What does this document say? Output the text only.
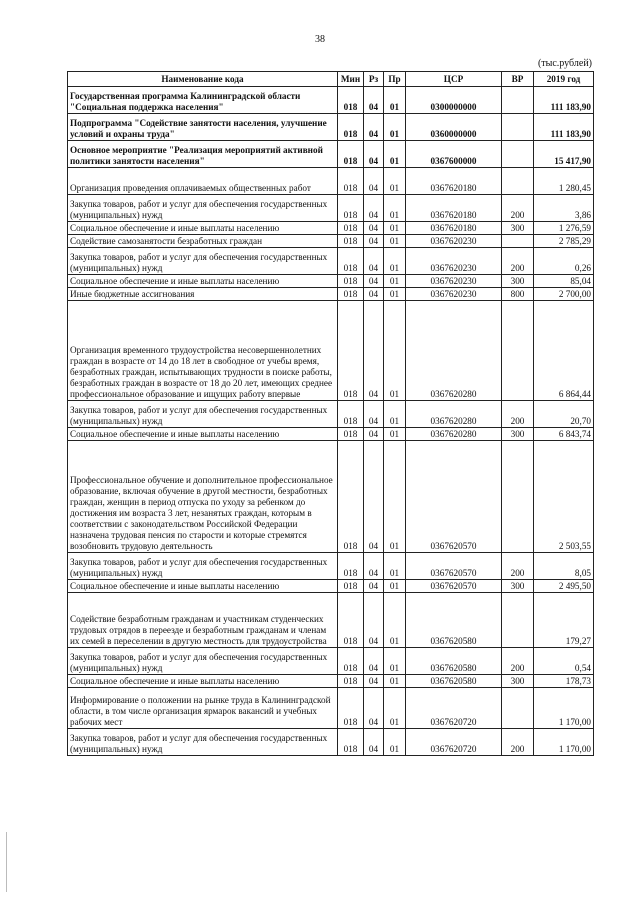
38
(тыс.рублей)
Наименование кода	Мин	Рз	Пр	ЦСР	ВР	2019 год
Государственная программа Калининградской области "Социальная поддержка населения"	018	04	01	0300000000		111 183,90
Подпрограмма "Содействие занятости населения, улучшение условий и охраны труда"	018	04	01	0360000000		111 183,90
Основное мероприятие "Реализация мероприятий активной политики занятости населения"	018	04	01	0367600000		15 417,90
Организация проведения оплачиваемых общественных работ	018	04	01	0367620180		1 280,45
Закупка товаров, работ и услуг для обеспечения государственных (муниципальных) нужд	018	04	01	0367620180	200	3,86
Социальное обеспечение и иные выплаты населению	018	04	01	0367620180	300	1 276,59
Содействие самозанятости безработных граждан	018	04	01	0367620230		2 785,29
Закупка товаров, работ и услуг для обеспечения государственных (муниципальных) нужд	018	04	01	0367620230	200	0,26
Социальное обеспечение и иные выплаты населению	018	04	01	0367620230	300	85,04
Иные бюджетные ассигнования	018	04	01	0367620230	800	2 700,00
Организация временного трудоустройства несовершеннолетних граждан в возрасте от 14 до 18 лет в свободное от учебы время, безработных граждан, испытывающих трудности в поиске работы, безработных граждан в возрасте от 18 до 20 лет, имеющих среднее профессиональное образование и ищущих работу впервые	018	04	01	0367620280		6 864,44
Закупка товаров, работ и услуг для обеспечения государственных (муниципальных) нужд	018	04	01	0367620280	200	20,70
Социальное обеспечение и иные выплаты населению	018	04	01	0367620280	300	6 843,74
Профессиональное обучение и дополнительное профессиональное образование, включая обучение в другой местности, безработных граждан, женщин в период отпуска по уходу за ребенком до достижения им возраста 3 лет, незанятых граждан, которым в соответствии с законодательством Российской Федерации назначена трудовая пенсия по старости и которые стремятся возобновить трудовую деятельность	018	04	01	0367620570		2 503,55
Закупка товаров, работ и услуг для обеспечения государственных (муниципальных) нужд	018	04	01	0367620570	200	8,05
Социальное обеспечение и иные выплаты населению	018	04	01	0367620570	300	2 495,50
Содействие безработным гражданам и участникам студенческих трудовых отрядов в переезде и безработным гражданам и членам их семей в переселении в другую местность для трудоустройства	018	04	01	0367620580		179,27
Закупка товаров, работ и услуг для обеспечения государственных (муниципальных) нужд	018	04	01	0367620580	200	0,54
Социальное обеспечение и иные выплаты населению	018	04	01	0367620580	300	178,73
Информирование о положении на рынке труда в Калининградской области, в том числе организация ярмарок вакансий и учебных рабочих мест	018	04	01	0367620720		1 170,00
Закупка товаров, работ и услуг для обеспечения государственных (муниципальных) нужд	018	04	01	0367620720	200	1 170,00
